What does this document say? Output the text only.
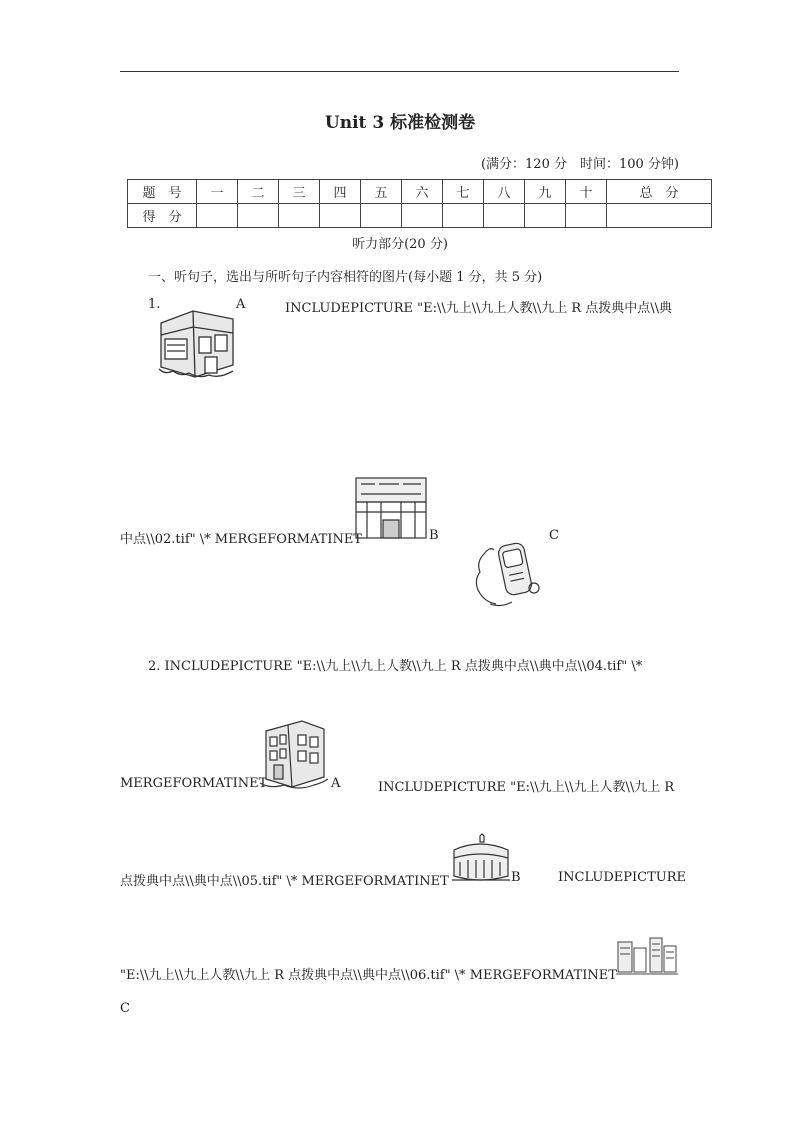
Unit 3 标准检测卷
(满分：120 分　时间：100 分钟)
题　号	一	二	三	四	五	六	七	八	九	十	总　分
得　分											
听力部分(20 分)
一、听句子，选出与所听句子内容相符的图片(每小题 1 分，共 5 分)
1.	A	INCLUDEPICTURE "E:\\九上\\九上人教\\九上 R 点拨典中点\\典
中点\\02.tif" \* MERGEFORMATINET	B	C
2. INCLUDEPICTURE "E:\\九上\\九上人教\\九上 R 点拨典中点\\典中点\\04.tif" \*
MERGEFORMATINET	A	INCLUDEPICTURE "E:\\九上\\九上人教\\九上 R
点拨典中点\\典中点\\05.tif" \* MERGEFORMATINET	B	INCLUDEPICTURE
"E:\\九上\\九上人教\\九上 R 点拨典中点\\典中点\\06.tif" \* MERGEFORMATINET
C
